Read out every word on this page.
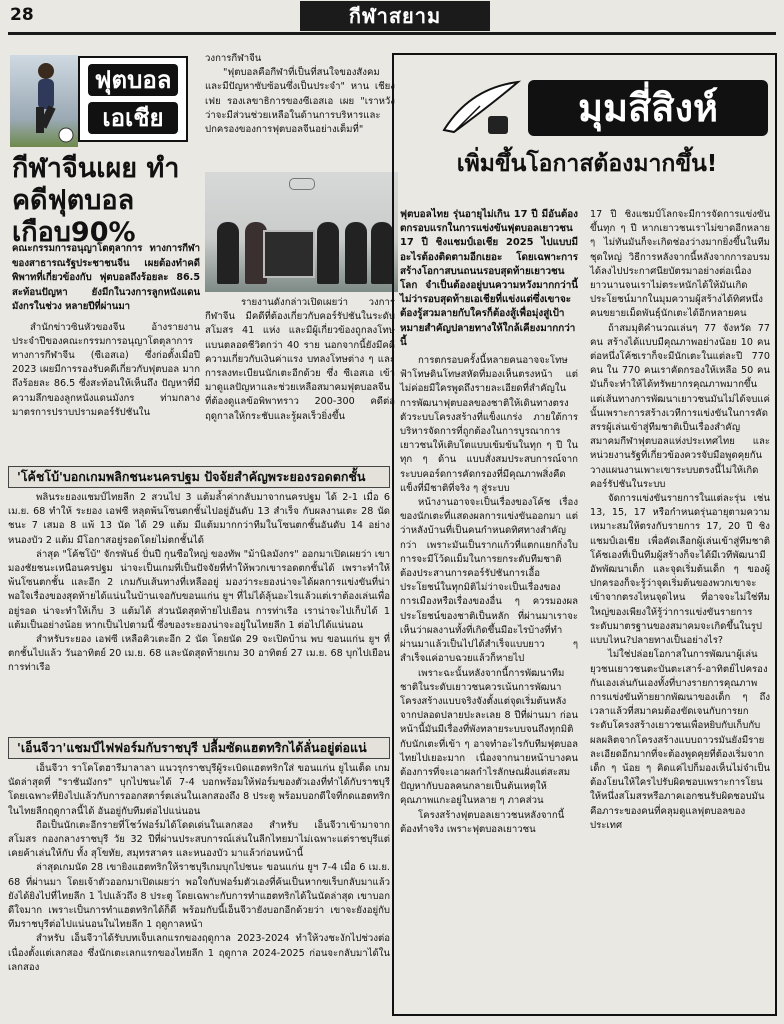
28	กีฬาสยาม
ฟุตบอล
เอเชีย
กีฬาจีนเผย ทำคดีฟุตบอล เกือบ90%

วงการกีฬาจีน

"ฟุตบอลคือกีฬาที่เป็นที่สนใจของสังคม และมีปัญหาซับซ้อนซึ่งเป็นประจำ" หาน เชียงเฟย รองเลขาธิการของซีเอสเอ เผย "เราหวังว่าจะมีส่วนช่วยเหลือในด้านการบริหารและปกครองของการฟุตบอลจีนอย่างเต็มที่"

คณะกรรมการอนุญาโตตุลาการ ทางการกีฬาของสาธารณรัฐประชาชนจีน เผยต้องทำคดีพิพาทที่เกี่ยวข้องกับ ฟุตบอลถึงร้อยละ 86.5 สะท้อนปัญหา ยังมีกในวงการลูกหนังแดนมังกรในช่วง หลายปีที่ผ่านมา

สำนักข่าวซินหัวของจีน อ้างรายงาน ประจำปีของคณะกรรมการอนุญาโตตุลาการ ทางการกีฬาจีน (ซีเอสเอ) ซึ่งก่อตั้งเมื่อปี 2023 เผยมีการรองรับคดีเกี่ยวกับฟุตบอล มากถึงร้อยละ 86.5 ซึ่งสะท้อนให้เห็นถึง ปัญหาที่มีความลึกของลูกหนังแดนมังกร ท่ามกลางมาตรการปราบปรามคอร์รัปชันใน

รายงานดังกล่าวเปิดเผยว่า วงการกีฬาจีน มีคดีที่ต้องเกี่ยวกับคอร์รัปชันในระดับสโมสร 41 แห่ง และมีผู้เกี่ยวข้องถูกลงโทษแบนตลอดชีวิตกว่า 40 ราย นอกจากนี้ยังมีคดีความเกี่ยวกับเงินค่าแรง บทลงโทษต่าง ๆ และการลงทะเบียนนักเตะอีกด้วย ซึ่ง ซีเอสเอ เข้ามาดูแลปัญหาและช่วยเหลือสมาคมฟุตบอลจีน ที่ต้องดูแลข้อพิพาทราว 200-300 คดีต่อฤดูกาลให้กระชับและรู้ผลเร็วยิ่งขึ้น

'โค้ชโบ้'บอกเกมพลิกชนะนครปฐม ปัจจัยสำคัญพระยองรอดตกชั้น

พลินระยองแชมป์ไทยลีก 2 สวนไป 3 แต้มล้ำค่ากลับมาจากนครปฐม ได้ 2-1 เมื่อ 6 เม.ย. 68 ทำให้ ระยอง เอฟซี หลุดพ้นโซนตกชั้นไปอยู่อันดับ 13 สำเร็จ กับผลงานเตะ 28 นัด ชนะ 7 เสมอ 8 แพ้ 13 นัด ได้ 29 แต้ม มีแต้มมากกว่าทีมในโซนตกชั้นอันดับ 14 อย่าง หนองบัว 2 แต้ม มีโอกาสอยู่รอดโดยไม่ตกชั้นได้

ล่าสุด "โค้ชโบ้" จักรพันธ์ ปั่นปี กุนซือใหญ่ ของทัพ "ม้านิลมังกร" ออกมาเปิดเผยว่า เขามองชัยชนะเหนือนครปฐม น่าจะเป็นเกมที่เป็นปัจจัยที่ทำให้พวกเขารอดตกชั้นได้ เพราะทำให้พ้นโซนตกชั้น และอีก 2 เกมกับเส้นทางที่เหลืออยู่ มองว่าระยองน่าจะได้ผลการแข่งขันที่น่าพอใจเรื่องของสุดท้ายได้แน่นในบ้านเจอกับขอนแก่น ยูฯ ที่ไม่ได้ลุ้นอะไรแล้วแต่เราต้องเล่นเพื่ออยู่รอด น่าจะทำให้เก็บ 3 แต้มได้ ส่วนนัดสุดท้ายไปเยือน การท่าเรือ เราน่าจะไปเก็บได้ 1 แต้มเป็นอย่างน้อย หากเป็นไปตามนี้ ซึ่งของระยองน่าจะอยู่ในไทยลีก 1 ต่อไปได้แน่นอน

สำหรับระยอง เอฟซี เหลือคิวเตะอีก 2 นัด โดยนัด 29 จะเปิดบ้าน พบ ขอนแก่น ยูฯ ที่ตกชั้นไปแล้ว วันอาทิตย์ 20 เม.ย. 68 และนัดสุดท้ายเกม 30 อาทิตย์ 27 เม.ย. 68 บุกไปเยือนการท่าเรือ

'เอ็นจีวา'แชมป์ไฟฟอร์มกับราชบุรี ปลื้มซัดแฮตทริกได้ลั่นอยู่ต่อแน่

เอ็นจีวา ราโคโตฮารีมาลาลา แนวรุกราชบุรีผู้ระเบิดแฮตทริกใส่ ขอนแก่น ยูไนเต็ด เกมนัดล่าสุดที่ "ราชันมังกร" บุกไปชนะได้ 7-4 บอกพร้อมให้ฟอร์มของตัวเองที่ทำได้กับราชบุรี โดยเฉพาะที่ยิงไปแล้วกับการออกสตาร์ตเล่นในเลกสองถึง 8 ประตู พร้อมบอกดีใจที่กดแฮตทริกในไทยลีกฤดูกาลนี้ได้ อันอยู่กับทีมต่อไปแน่นอน

ถือเป็นนักเตะอีกรายที่โชว์ฟอร์มได้โดดเด่นในเลกสอง สำหรับ เอ็นจีวาเข้ามาจากสโมสร กองกลางราชบุรี วัย 32 ปีที่ผ่านประสบการณ์เล่นในลีกไทยมาไม่เฉพาะแต่ราชบุรีแต่เคยค้าเล่นให้กับ ทั้ง สุโขทัย, สมุทรสาคร และหนองบัว มาแล้วก่อนหน้านี้

ล่าสุดเกมนัด 28 เขายิงแฮตทริกให้ราชบุรีเกมบุกไปชนะ ขอนแก่น ยูฯ 7-4 เมื่อ 6 เม.ย. 68 ที่ผ่านมา โดยเจ้าตัวออกมาเปิดเผยว่า พอใจกับฟอร์มตัวเองที่ค้นเป็นหากขเร็บกลับมาแล้วยังได้ยิงไปที่ไทยลีก 1 ไปแล้วถึง 8 ประตู โดยเฉพาะกับการทำแฮตทริกได้ในนัดล่าสุด เขาบอกดีใจมาก เพราะเป็นการทำแฮตทริกได้ก็ดี พร้อมกับนี้เอ็นจีวายังบอกอีกด้วยว่า เขาจะยังอยู่กับทีมราชบุรีต่อไปแน่นอนในไทยลีก 1 ฤดูกาลหน้า

สำหรับ เอ็นจีวาได้รับบทเจ็บเลกแรกของฤดูกาล 2023-2024 ทำให้วงชะงักไปช่วงต่อเนื่องตั้งแต่เลกสอง ซึ่งนักเตะเลกแรกของไทยลีก 1 ฤดูกาล 2024-2025 ก่อนจะกลับมาได้ในเลกสอง

มุมสี่สิงห์
เพิ่มขึ้นโอกาสต้องมากขึ้น!

ฟุตบอลไทย รุ่นอายุไม่เกิน 17 ปี มีอันต้องตกรอบแรกในการแข่งขันฟุตบอลเยาวชน 17 ปี ชิงแชมป์เอเชีย 2025 ไปแบบมีอะไรต้องติดตามอีกเยอะ โดยเฉพาะการสร้างโอกาสบนถนนรอบสุดท้ายเยาวชนโลก จำเป็นต้องอยู่บนความหวังมากกว่านี้ ไม่ว่ารอบสุดท้ายเอเชียที่แข่งแต่ซึ่งเขาจะต้องรู้สวมลายกับใครก็ต้องสู้เพื่อมุ่งสู่เป้าหมายสำคัญปลายทางให้ใกล้เคียงมากกว่านี้

การตกรอบครั้งนี้หลายคนอาจจะโทษฟ้าโทษดินโทษสหัดที่มองเห็นตรงหน้า แต่ไม่ค่อยมีใครพูดถึงรายละเอียดที่สำคัญในการพัฒนาฟุตบอลของชาติให้เดินทางตรงตัวระบบโครงสร้างที่แข็งแกร่ง ภายใต้การบริหารจัดการที่ถูกต้องในการบูรณาการเยาวชนให้เติบโตแบบเข้มข้นในทุก ๆ ปี ในทุก ๆ ด้าน แบบสั่งสมประสบการณ์จากระบบคอร์ดการคัดกรองที่มีคุณภาพสิ่งคืดแข็งที่มีชาติที่จริง ๆ สู่ระบบ

หน้างานอาจจะเป็นเรื่องของโค้ช เรื่องของนักเตะที่แสดงผลการแข่งขันออกมา แต่ว่าหลังบ้านที่เป็นคนกำหนดทิศทางสำคัญกว่า เพราะมันเป็นรากแก้วที่แตกแยกกิ่งใบ การจะมีโว้ดแม็มในการยกระดับทีมชาติต้องประสานการคอร์รัปชันการเอื้อประโยชน์ในทุกมิติไม่ว่าจะเป็นเรื่องของการเมืองหรือเรื่องของอื่น ๆ ควรมองผลประโยชน์ของชาติเป็นหลัก ที่ผ่านมาเราจะเห็นว่าผลงานทั้งที่เกิดขึ้นมีอะไรบ้างที่ทำผ่านมาแล้วเป็นไปได้สำเร็จแบบยาว ๆ สำเร็จแค่อาบฉวยแล้วก็หายไป

เพราะฉะนั้นหลังจากนี้การพัฒนาทีมชาติในระดับเยาวชนควรเน้นการพัฒนาโครงสร้างแบบจริงจังตั้งแต่จุดเริ่มต้นหลังจากปลอดปลายปะละเลย 8 ปีที่ผ่านมา ก่อนหน้านี้มันมีเรื่องที่พังทลายระบบจนถึงทุกมิติกับนักเตะที่เข้า ๆ อาจทำอะไรกับทีมฟุตบอลไทยไปเยอะมาก เนื่องจากนายหน้าบางคนต้องการที่จะเอาผลกำไรลักษณฝั่งแต่สะสมปัญหากับบอลคนกลายเป็นต้นเหตุให้คุณภาพแกะอยู่ในหลาย ๆ ภาคส่วน

โครงสร้างฟุตบอลเยาวชนหลังจากนี้ต้องทำจริง เพราะฟุตบอลเยาวชน

17 ปี ชิงแชมป์โลกจะมีการจัดการแข่งขันขึ้นทุก ๆ ปี หากเยาวชนเราไม่ขาดอีกหลาย ๆ ไม่ทันมันก็จะเกิดช่องว่างมากยิ่งขึ้นในทีมชุดใหญ่ วิธีการหลังจากนี้หลังจากการอบรมได้ลงไปประกาศนียบัตรมาอย่างต่อเนื่องยาวนานจนเราไม่ตระหนักได้ให้มันเกิดประโยชน์มากในมุมความผู้สร้างได้ทิศหนึ่งคนขยายเม็ดพันธุ์นักเตะได้อีกหลายคน

ถ้าสมมุติคำนวณเล่นๆ 77 จังหวัด 77 คน สร้างได้แบบมีคุณภาพอย่างน้อย 10 คน ต่อหนึ่งโค้ชเราก็จะมีนักเตะในแต่ละปี 770 คน ใน 770 คนเราคัดกรองให้เหลือ 50 คน มันก็จะทำให้ได้ทรัพยากรคุณภาพมากขึ้น แต่เส้นทางการพัฒนาเยาวชนมันไม่ได้จบแค่นั้นเพราะการสร้างเวทีการแข่งขันในการคัดสรรผู้เล่นเข้าสู่ทีมชาติเป็นเรื่องสำคัญสมาคมกีฬาฟุตบอลแห่งประเทศไทย และหน่วยงานรัฐที่เกี่ยวข้องควรจับมือพูดคุยกันวางแผนงานเพาะเขาระบบตรงนี้ไม่ให้เกิดคอร์รัปชันในระบบ

จัดการแข่งขันรายการในแต่ละรุ่น เช่น 13, 15, 17 หรือกำหนดรุ่นอายุตามความเหมาะสมให้ตรงกับรายการ 17, 20 ปี ชิงแชมป์เอเชีย เพื่อคัดเลือกผู้เล่นเข้าสู่ทีมชาติ โค้ชเองที่เป็นทีมผู้สร้างก็จะได้มีเวทีพัฒนามีอัพพัฒนาเด็ก และจุดเริ่มต้นเด็ก ๆ ของผู้ปกครองก็จะรู้ว่าจุดเริ่มต้นของพวกเขาจะเข้าจากตรงไหนจุดไหน ที่อาจจะไม่ใช่ทีมใหญ่ของเพียงให้รู้ว่าการแข่งขันรายการระดับมาตรฐานของสมาคมจะเกิดขึ้นในรูปแบบไหน?ปลายทางเป็นอย่างไร?

ไม่ใช่ปล่อยโอกาสในการพัฒนาผู้เล่นยุวชนเยาวชนตะบันตะเสาร์-อาทิตย์ไปครองกันเองเล่นกันเองทั้งที่บางรายการคุณภาพการแข่งขันท้ายยากพัฒนาของเด็ก ๆ ถึงเวลาแล้วที่สมาคมต้องขัดเจนกับการยกระดับโครงสร้างเยาวชนเพื่อหยิบกับเก็บกับผลผลิตจากโครงสร้างแบบถาวรมันยังมีรายละเอียดอีกมากที่จะต้องพูดคุยที่ต้องเริ่มจากเด็ก ๆ น้อย ๆ คิดแค่ไปก็มองเห็นไม่จำเป็นต้องโยนให้ใครไปรับผิดชอบเพราะการโยนให้หนึ่งสโมสรหรือภาคเอกชนรับผิดชอบมันคือภาระของคนที่คลุมดูแลฟุตบอลของประเทศ
